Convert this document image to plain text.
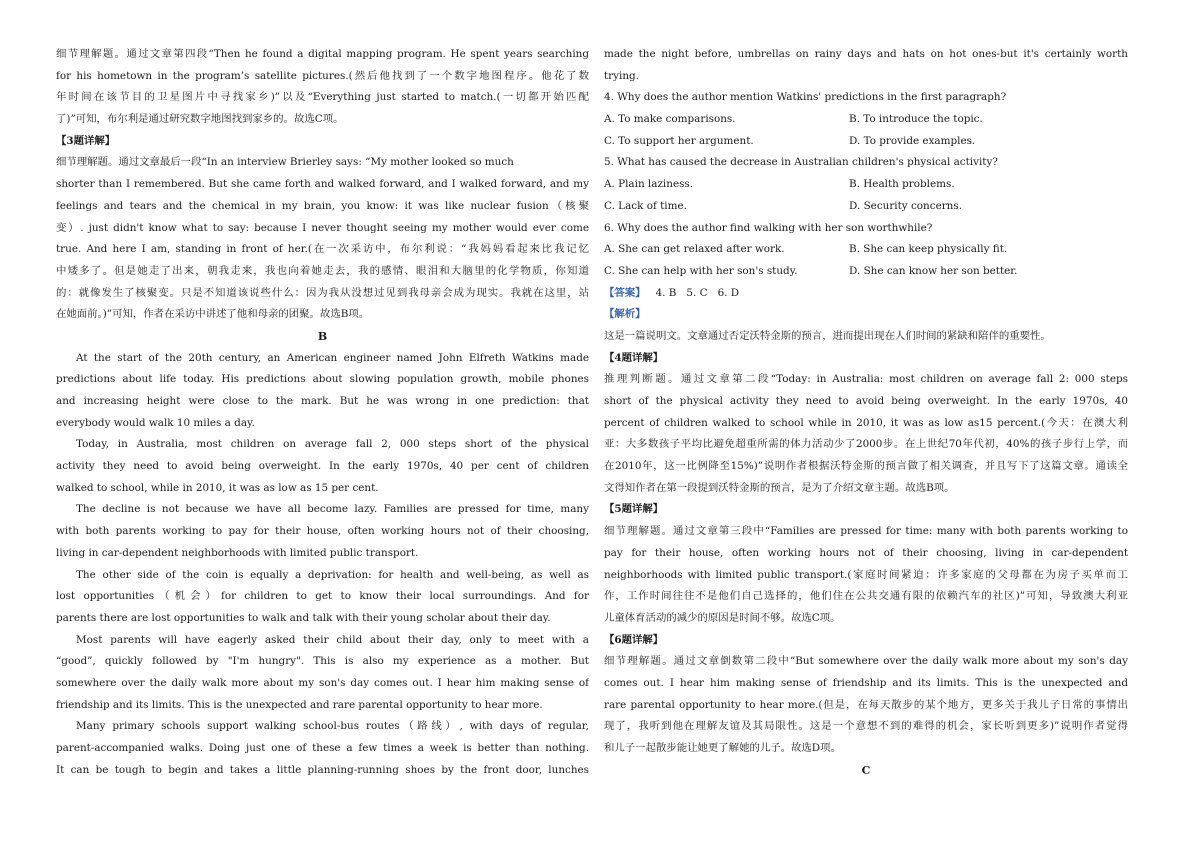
细节理解题。通过文章第四段“Then he found a digital mapping program. He spent years searching
for his hometown in the program’s satellite pictures.(然后他找到了一个数字地图程序。他花了数
年时间在该节目的卫星图片中寻找家乡)”以及“Everything just started to match.(一切都开始匹配
了)”可知，布尔利是通过研究数字地图找到家乡的。故选C项。
【3题详解】
细节理解题。通过文章最后一段“In an interview Brierley says: “My mother looked so much
shorter than I remembered. But she came forth and walked forward, and I walked forward, and my
feelings and tears and the chemical in my brain, you know: it was like nuclear fusion（核聚
变）. just didn't know what to say: because I never thought seeing my mother would ever come
true. And here I am, standing in front of her.(在一次采访中，布尔利说：“我妈妈看起来比我记忆
中矮多了。但是她走了出来，朝我走来，我也向着她走去，我的感情、眼泪和大脑里的化学物质，你知道
的：就像发生了核聚变。只是不知道该说些什么：因为我从没想过见到我母亲会成为现实。我就在这里，站
在她面前。)”可知，作者在采访中讲述了他和母亲的团聚。故选B项。
B
At the start of the 20th century, an American engineer named John Elfreth Watkins made
predictions about life today. His predictions about slowing population growth, mobile phones
and increasing height were close to the mark. But he was wrong in one prediction: that
everybody would walk 10 miles a day.
Today, in Australia, most children on average fall 2, 000 steps short of the physical
activity they need to avoid being overweight. In the early 1970s, 40 per cent of children
walked to school, while in 2010, it was as low as 15 per cent.
The decline is not because we have all become lazy. Families are pressed for time, many
with both parents working to pay for their house, often working hours not of their choosing,
living in car-dependent neighborhoods with limited public transport.
The other side of the coin is equally a deprivation: for health and well-being, as well as
lost opportunities（机会）for children to get to know their local surroundings. And for
parents there are lost opportunities to walk and talk with their young scholar about their day.
Most parents will have eagerly asked their child about their day, only to meet with a
“good”, quickly followed by "I'm hungry". This is also my experience as a mother. But
somewhere over the daily walk more about my son's day comes out. I hear him making sense of
friendship and its limits. This is the unexpected and rare parental opportunity to hear more.
Many primary schools support walking school-bus routes（路线）, with days of regular,
parent-accompanied walks. Doing just one of these a few times a week is better than nothing.
It can be tough to begin and takes a little planning-running shoes by the front door, lunches
made the night before, umbrellas on rainy days and hats on hot ones-but it's certainly worth
trying.
4. Why does the author mention Watkins' predictions in the first paragraph?
A. To make comparisons.	B. To introduce the topic.
C. To support her argument.	D. To provide examples.
5. What has caused the decrease in Australian children's physical activity?
A. Plain laziness.	B. Health problems.
C. Lack of time.	D. Security concerns.
6. Why does the author find walking with her son worthwhile?
A. She can get relaxed after work.	B. She can keep physically fit.
C. She can help with her son's study.	D. She can know her son better.
【答案】 4. B 5. C 6. D
【解析】
这是一篇说明文。文章通过否定沃特金斯的预言，进而提出现在人们时间的紧缺和陪伴的重要性。
【4题详解】
推理判断题。通过文章第二段“Today: in Australia: most children on average fall 2: 000 steps
short of the physical activity they need to avoid being overweight. In the early 1970s, 40
percent of children walked to school while in 2010, it was as low as15 percent.(今天：在澳大利
亚：大多数孩子平均比避免超重所需的体力活动少了2000步。在上世纪70年代初，40%的孩子步行上学，而
在2010年，这一比例降至15%)”说明作者根据沃特金斯的预言做了相关调查，并且写下了这篇文章。通读全
文得知作者在第一段提到沃特金斯的预言，是为了介绍文章主题。故选B项。
【5题详解】
细节理解题。通过文章第三段中“Families are pressed for time: many with both parents working to
pay for their house, often working hours not of their choosing, living in car-dependent
neighborhoods with limited public transport.(家庭时间紧迫：许多家庭的父母都在为房子买单而工
作，工作时间往往不是他们自己选择的，他们住在公共交通有限的依赖汽车的社区)”可知，导致澳大利亚
儿童体育活动的减少的原因是时间不够。故选C项。
【6题详解】
细节理解题。通过文章倒数第二段中“But somewhere over the daily walk more about my son's day
comes out. I hear him making sense of friendship and its limits. This is the unexpected and
rare parental opportunity to hear more.(但是，在每天散步的某个地方，更多关于我儿子日常的事情出
现了，我听到他在理解友谊及其局限性。这是一个意想不到的难得的机会，家长听到更多)”说明作者觉得
和儿子一起散步能让她更了解她的儿子。故选D项。
C
